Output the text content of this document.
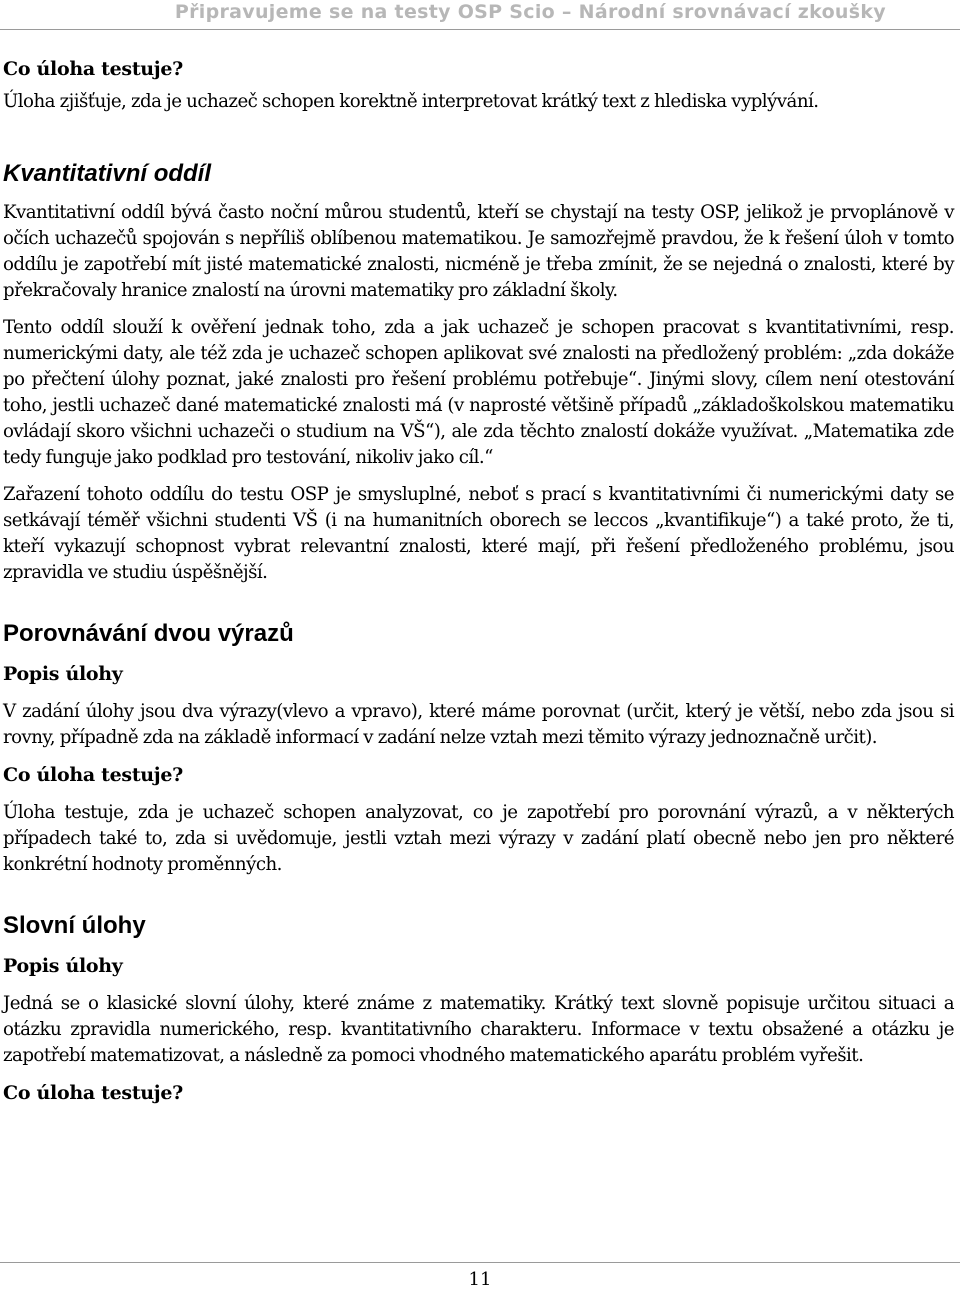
Připravujeme se na testy OSP Scio – Národní srovnávací zkoušky

Co úloha testuje?

Úloha zjišťuje, zda je uchazeč schopen korektně interpretovat krátký text z hlediska vyplývání.

Kvantitativní oddíl

Kvantitativní oddíl bývá často noční můrou studentů, kteří se chystají na testy OSP, jelikož je prvoplánově v očích uchazečů spojován s nepříliš oblíbenou matematikou. Je samozřejmě pravdou, že k řešení úloh v tomto oddílu je zapotřebí mít jisté matematické znalosti, nicméně je třeba zmínit, že se nejedná o znalosti, které by překračovaly hranice znalostí na úrovni matematiky pro základní školy.

Tento oddíl slouží k ověření jednak toho, zda a jak uchazeč je schopen pracovat s kvantitativními, resp. numerickými daty, ale též zda je uchazeč schopen aplikovat své znalosti na předložený problém: „zda dokáže po přečtení úlohy poznat, jaké znalosti pro řešení problému potřebuje“. Jinými slovy, cílem není otestování toho, jestli uchazeč dané matematické znalosti má (v naprosté většině případů „základoškolskou matematiku ovládají skoro všichni uchazeči o studium na VŠ“), ale zda těchto znalostí dokáže využívat. „Matematika zde tedy funguje jako podklad pro testování, nikoliv jako cíl.“

Zařazení tohoto oddílu do testu OSP je smysluplné, neboť s prací s kvantitativními či numerickými daty se setkávají téměř všichni studenti VŠ (i na humanitních oborech se leccos „kvantifikuje“) a také proto, že ti, kteří vykazují schopnost vybrat relevantní znalosti, které mají, při řešení předloženého problému, jsou zpravidla ve studiu úspěšnější.

Porovnávání dvou výrazů

Popis úlohy

V zadání úlohy jsou dva výrazy(vlevo a vpravo), které máme porovnat (určit, který je větší, nebo zda jsou si rovny, případně zda na základě informací v zadání nelze vztah mezi těmito výrazy jednoznačně určit).

Co úloha testuje?

Úloha testuje, zda je uchazeč schopen analyzovat, co je zapotřebí pro porovnání výrazů, a v některých případech také to, zda si uvědomuje, jestli vztah mezi výrazy v zadání platí obecně nebo jen pro některé konkrétní hodnoty proměnných.

Slovní úlohy

Popis úlohy

Jedná se o klasické slovní úlohy, které známe z matematiky. Krátký text slovně popisuje určitou situaci a otázku zpravidla numerického, resp. kvantitativního charakteru. Informace v textu obsažené a otázku je zapotřebí matematizovat, a následně za pomoci vhodného matematického aparátu problém vyřešit.

Co úloha testuje?

11
